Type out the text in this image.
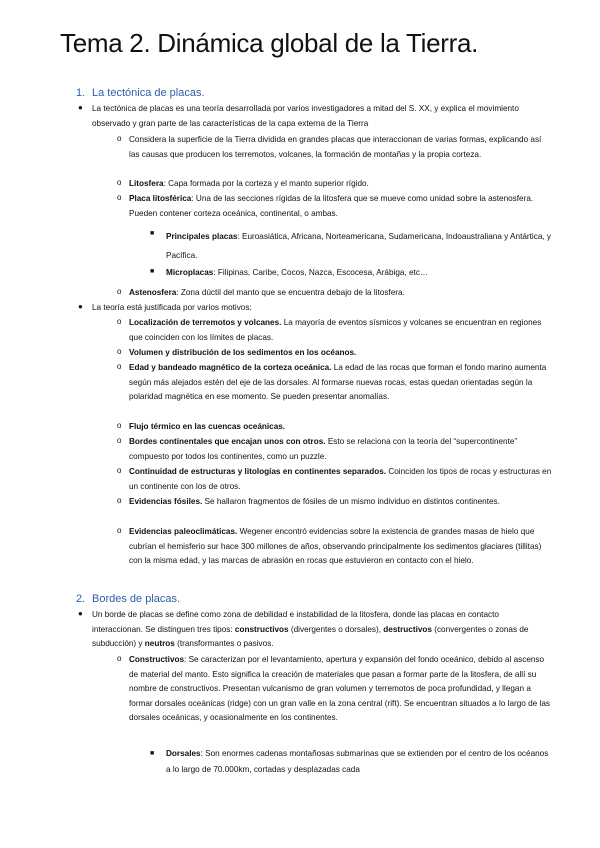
Tema 2. Dinámica global de la Tierra.
1. La tectónica de placas.
● La tectónica de placas es una teoría desarrollada por varios investigadores a mitad del S. XX, y explica el movimiento observado y gran parte de las características de la capa externa de la Tierra
o Considera la superficie de la Tierra dividida en grandes placas que interaccionan de varias formas, explicando así las causas que producen los terremotos, volcanes, la formación de montañas y la propia corteza.
o Litosfera: Capa formada por la corteza y el manto superior rígido.
o Placa litosférica: Una de las secciones rígidas de la litosfera que se mueve como unidad sobre la astenosfera. Pueden contener corteza oceánica, continental, o ambas.
■ Principales placas: Euroasiática, Africana, Norteamericana, Sudamericana, Indoaustraliana y Antártica, y Pacífica.
■ Microplacas: Filipinas, Caribe, Cocos, Nazca, Escocesa, Arábiga, etc…
o Astenosfera: Zona dúctil del manto que se encuentra debajo de la litosfera.
● La teoría está justificada por varios motivos:
o Localización de terremotos y volcanes. La mayoría de eventos sísmicos y volcanes se encuentran en regiones que coinciden con los límites de placas.
o Volumen y distribución de los sedimentos en los océanos.
o Edad y bandeado magnético de la corteza oceánica. La edad de las rocas que forman el fondo marino aumenta según más alejados estén del eje de las dorsales. Al formarse nuevas rocas, estas quedan orientadas según la polaridad magnética en ese momento. Se pueden presentar anomalías.
o Flujo térmico en las cuencas oceánicas.
o Bordes continentales que encajan unos con otros. Esto se relaciona con la teoría del “supercontinente” compuesto por todos los continentes, como un puzzle.
o Continuidad de estructuras y litologías en continentes separados. Coinciden los tipos de rocas y estructuras en un continente con los de otros.
o Evidencias fósiles. Se hallaron fragmentos de fósiles de un mismo individuo en distintos continentes.
o Evidencias paleoclimáticas. Wegener encontró evidencias sobre la existencia de grandes masas de hielo que cubrían el hemisferio sur hace 300 millones de años, observando principalmente los sedimentos glaciares (tillitas) con la misma edad, y las marcas de abrasión en rocas que estuvieron en contacto con el hielo.
2. Bordes de placas.
● Un borde de placas se define como zona de debilidad e instabilidad de la litosfera, donde las placas en contacto interaccionan. Se distinguen tres tipos: constructivos (divergentes o dorsales), destructivos (convergentes o zonas de subducción) y neutros (transformantes o pasivos.
o Constructivos: Se caracterizan por el levantamiento, apertura y expansión del fondo oceánico, debido al ascenso de material del manto. Esto significa la creación de materiales que pasan a formar parte de la litosfera, de allí su nombre de constructivos. Presentan vulcanismo de gran volumen y terremotos de poca profundidad, y llegan a formar dorsales oceánicas (ridge) con un gran valle en la zona central (rift). Se encuentran situados a lo largo de las dorsales oceánicas, y ocasionalmente en los continentes.
■ Dorsales: Son enormes cadenas montañosas submarinas que se extienden por el centro de los océanos a lo largo de 70.000km, cortadas y desplazadas cada
